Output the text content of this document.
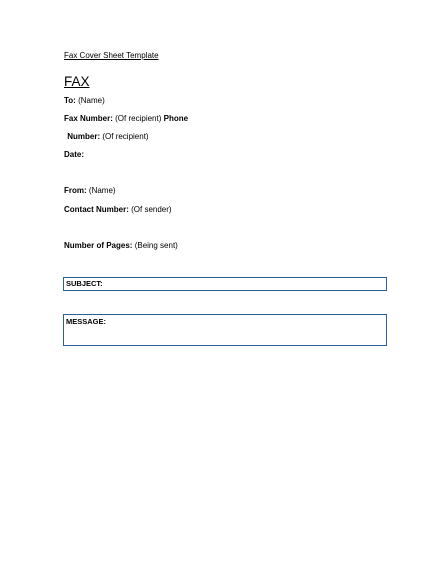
Fax Cover Sheet Template
FAX
To: (Name)
Fax Number: (Of recipient) Phone
Number: (Of recipient)
Date:
From: (Name)
Contact Number: (Of sender)
Number of Pages: (Being sent)
SUBJECT:
MESSAGE:
